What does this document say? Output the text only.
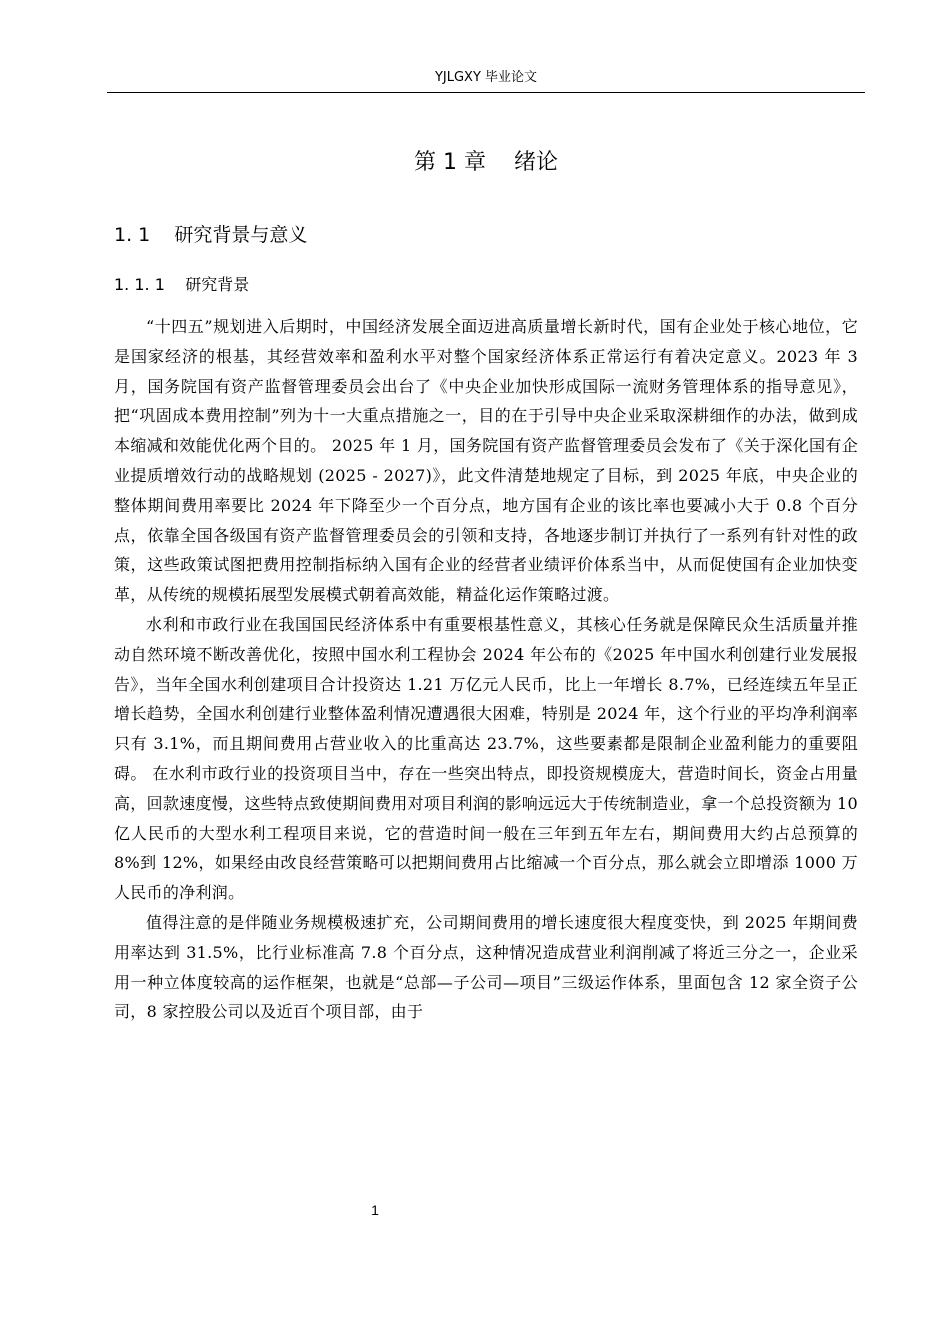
YJLGXY 毕业论文
第 1 章    绪论
1. 1    研究背景与意义
1. 1. 1    研究背景

“十四五”规划进入后期时，中国经济发展全面迈进高质量增长新时代，国有企业处于核心地位，它是国家经济的根基，其经营效率和盈利水平对整个国家经济体系正常运行有着决定意义。2023 年 3 月，国务院国有资产监督管理委员会出台了《中央企业加快形成国际一流财务管理体系的指导意见》，把“巩固成本费用控制”列为十一大重点措施之一，目的在于引导中央企业采取深耕细作的办法，做到成本缩减和效能优化两个目的。 2025 年 1 月，国务院国有资产监督管理委员会发布了《关于深化国有企业提质增效行动的战略规划 (2025 - 2027)》，此文件清楚地规定了目标，到 2025 年底，中央企业的整体期间费用率要比 2024 年下降至少一个百分点，地方国有企业的该比率也要减小大于 0.8 个百分点，依靠全国各级国有资产监督管理委员会的引领和支持，各地逐步制订并执行了一系列有针对性的政策，这些政策试图把费用控制指标纳入国有企业的经营者业绩评价体系当中，从而促使国有企业加快变革，从传统的规模拓展型发展模式朝着高效能，精益化运作策略过渡。

水利和市政行业在我国国民经济体系中有重要根基性意义，其核心任务就是保障民众生活质量并推动自然环境不断改善优化，按照中国水利工程协会 2024 年公布的《2025 年中国水利创建行业发展报告》，当年全国水利创建项目合计投资达 1.21 万亿元人民币，比上一年增长 8.7%，已经连续五年呈正增长趋势，全国水利创建行业整体盈利情况遭遇很大困难，特别是 2024 年，这个行业的平均净利润率只有 3.1%，而且期间费用占营业收入的比重高达 23.7%，这些要素都是限制企业盈利能力的重要阻碍。 在水利市政行业的投资项目当中，存在一些突出特点，即投资规模庞大，营造时间长，资金占用量高，回款速度慢，这些特点致使期间费用对项目利润的影响远远大于传统制造业，拿一个总投资额为 10 亿人民币的大型水利工程项目来说，它的营造时间一般在三年到五年左右，期间费用大约占总预算的 8%到 12%，如果经由改良经营策略可以把期间费用占比缩减一个百分点，那么就会立即增添 1000 万人民币的净利润。

值得注意的是伴随业务规模极速扩充，公司期间费用的增长速度很大程度变快，到 2025 年期间费用率达到 31.5%，比行业标准高 7.8 个百分点，这种情况造成营业利润削减了将近三分之一，企业采用一种立体度较高的运作框架，也就是“总部—子公司—项目”三级运作体系，里面包含 12 家全资子公司，8 家控股公司以及近百个项目部，由于

1
